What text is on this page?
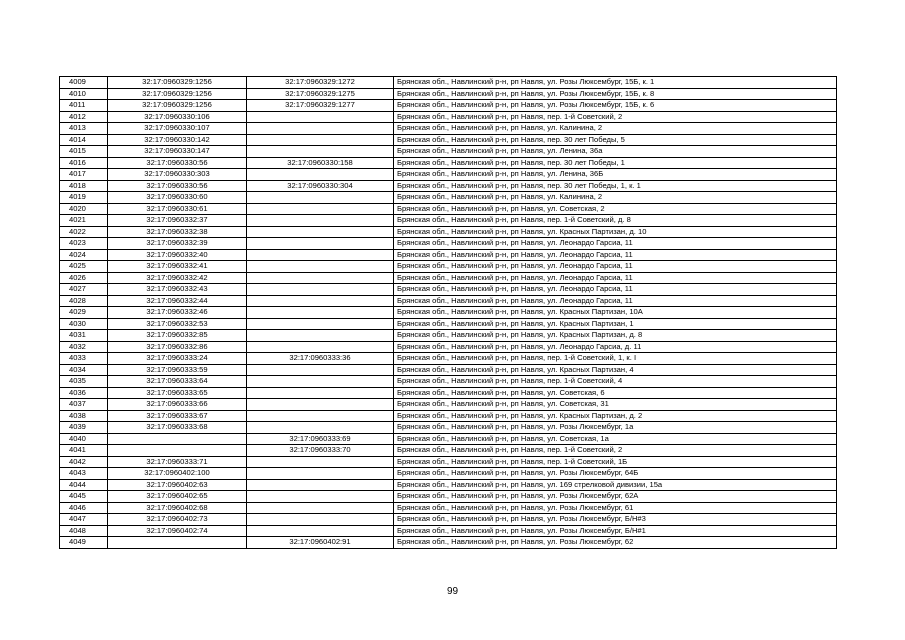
4009	32:17:0960329:1256	32:17:0960329:1272	Брянская обл., Навлинский р-н, рп Навля, ул. Розы Люксембург, 15Б, к. 1
4010	32:17:0960329:1256	32:17:0960329:1275	Брянская обл., Навлинский р-н, рп Навля, ул. Розы Люксембург, 15Б, к. 8
4011	32:17:0960329:1256	32:17:0960329:1277	Брянская обл., Навлинский р-н, рп Навля, ул. Розы Люксембург, 15Б, к. 6
4012	32:17:0960330:106		Брянская обл., Навлинский р-н, рп Навля, пер. 1-й Советский, 2
4013	32:17:0960330:107		Брянская обл., Навлинский р-н, рп Навля, ул. Калинина, 2
4014	32:17:0960330:142		Брянская обл., Навлинский р-н, рп Навля, пер. 30 лет Победы, 5
4015	32:17:0960330:147		Брянская обл., Навлинский р-н, рп Навля, ул. Ленина, 36а
4016	32:17:0960330:56	32:17:0960330:158	Брянская обл., Навлинский р-н, рп Навля, пер. 30 лет Победы, 1
4017	32:17:0960330:303		Брянская обл., Навлинский р-н, рп Навля, ул. Ленина, 36Б
4018	32:17:0960330:56	32:17:0960330:304	Брянская обл., Навлинский р-н, рп Навля, пер. 30 лет Победы, 1, к. 1
4019	32:17:0960330:60		Брянская обл., Навлинский р-н, рп Навля, ул. Калинина, 2
4020	32:17:0960330:61		Брянская обл., Навлинский р-н, рп Навля, ул. Советская, 2
4021	32:17:0960332:37		Брянская обл., Навлинский р-н, рп Навля, пер. 1-й Советский, д. 8
4022	32:17:0960332:38		Брянская обл., Навлинский р-н, рп Навля, ул. Красных Партизан, д. 10
4023	32:17:0960332:39		Брянская обл., Навлинский р-н, рп Навля, ул. Леонардо Гарсиа, 11
4024	32:17:0960332:40		Брянская обл., Навлинский р-н, рп Навля, ул. Леонардо Гарсиа, 11
4025	32:17:0960332:41		Брянская обл., Навлинский р-н, рп Навля, ул. Леонардо Гарсиа, 11
4026	32:17:0960332:42		Брянская обл., Навлинский р-н, рп Навля, ул. Леонардо Гарсиа, 11
4027	32:17:0960332:43		Брянская обл., Навлинский р-н, рп Навля, ул. Леонардо Гарсиа, 11
4028	32:17:0960332:44		Брянская обл., Навлинский р-н, рп Навля, ул. Леонардо Гарсиа, 11
4029	32:17:0960332:46		Брянская обл., Навлинский р-н, рп Навля, ул. Красных Партизан, 10А
4030	32:17:0960332:53		Брянская обл., Навлинский р-н, рп Навля, ул. Красных Партизан, 1
4031	32:17:0960332:85		Брянская обл., Навлинский р-н, рп Навля, ул. Красных Партизан, д. 8
4032	32:17:0960332:86		Брянская обл., Навлинский р-н, рп Навля, ул. Леонардо Гарсиа, д. 11
4033	32:17:0960333:24	32:17:0960333:36	Брянская обл., Навлинский р-н, рп Навля, пер. 1-й Советский, 1, к. I
4034	32:17:0960333:59		Брянская обл., Навлинский р-н, рп Навля, ул. Красных Партизан, 4
4035	32:17:0960333:64		Брянская обл., Навлинский р-н, рп Навля, пер. 1-й Советский, 4
4036	32:17:0960333:65		Брянская обл., Навлинский р-н, рп Навля, ул. Советская, 6
4037	32:17:0960333:66		Брянская обл., Навлинский р-н, рп Навля, ул. Советская, 31
4038	32:17:0960333:67		Брянская обл., Навлинский р-н, рп Навля, ул. Красных Партизан, д. 2
4039	32:17:0960333:68		Брянская обл., Навлинский р-н, рп Навля, ул. Розы Люксембург, 1а
4040		32:17:0960333:69	Брянская обл., Навлинский р-н, рп Навля, ул. Советская, 1а
4041		32:17:0960333:70	Брянская обл., Навлинский р-н, рп Навля, пер. 1-й Советский, 2
4042	32:17:0960333:71		Брянская обл., Навлинский р-н, рп Навля, пер. 1-й Советский, 1Б
4043	32:17:0960402:100		Брянская обл., Навлинский р-н, рп Навля, ул. Розы Люксембург, 64Б
4044	32:17:0960402:63		Брянская обл., Навлинский р-н, рп Навля, ул. 169 стрелковой дивизии, 15а
4045	32:17:0960402:65		Брянская обл., Навлинский р-н, рп Навля, ул. Розы Люксембург, 62А
4046	32:17:0960402:68		Брянская обл., Навлинский р-н, рп Навля, ул. Розы Люксембург, 61
4047	32:17:0960402:73		Брянская обл., Навлинский р-н, рп Навля, ул. Розы Люксембург, Б/Н#3
4048	32:17:0960402:74		Брянская обл., Навлинский р-н, рп Навля, ул. Розы Люксембург, Б/Н#1
4049		32:17:0960402:91	Брянская обл., Навлинский р-н, рп Навля, ул. Розы Люксембург, 62
99
